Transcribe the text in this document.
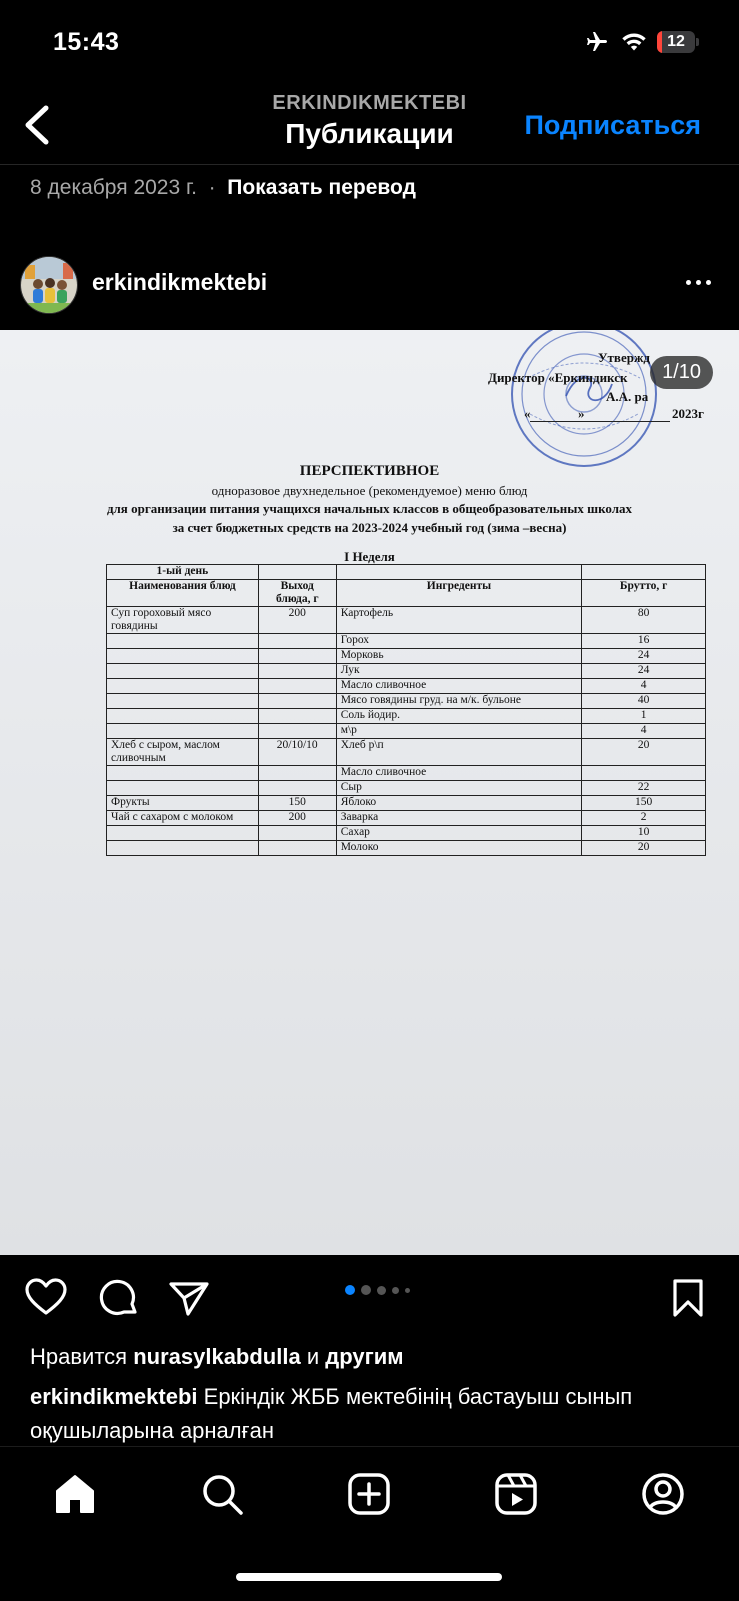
15:43	12
ERKINDIKMEKTEBI
Публикации	Подписаться
8 декабря 2023 г. · Показать перевод
erkindikmektebi
Утвержд
Директор «Еркиндикск
А.А. ра
«	»	2023г
ПЕРСПЕКТИВНОЕ
одноразовое двухнедельное (рекомендуемое) меню блюд
для организации питания учащихся начальных классов в общеобразовательных школах
за счет бюджетных средств на 2023-2024 учебный год (зима –весна)
I Неделя
1-ый день			
Наименования блюд	Выход блюда, г	Ингреденты	Брутто, г
Суп гороховый мясо говядины	200	Картофель	80
		Горох	16
		Морковь	24
		Лук	24
		Масло сливочное	4
		Мясо говядины груд. на м/к. бульоне	40
		Соль йодир.	1
		м\р	4
Хлеб с сыром, маслом сливочным	20/10/10	Хлеб р\п	20
		Масло сливочное	
		Сыр	22
Фрукты	150	Яблоко	150
Чай с сахаром с молоком	200	Заварка	2
		Сахар	10
		Молоко	20
1/10
Нравится nurasylkabdulla и другим
erkindikmektebi Еркіндік ЖББ мектебінің бастауыш сынып оқушыларына арналған
